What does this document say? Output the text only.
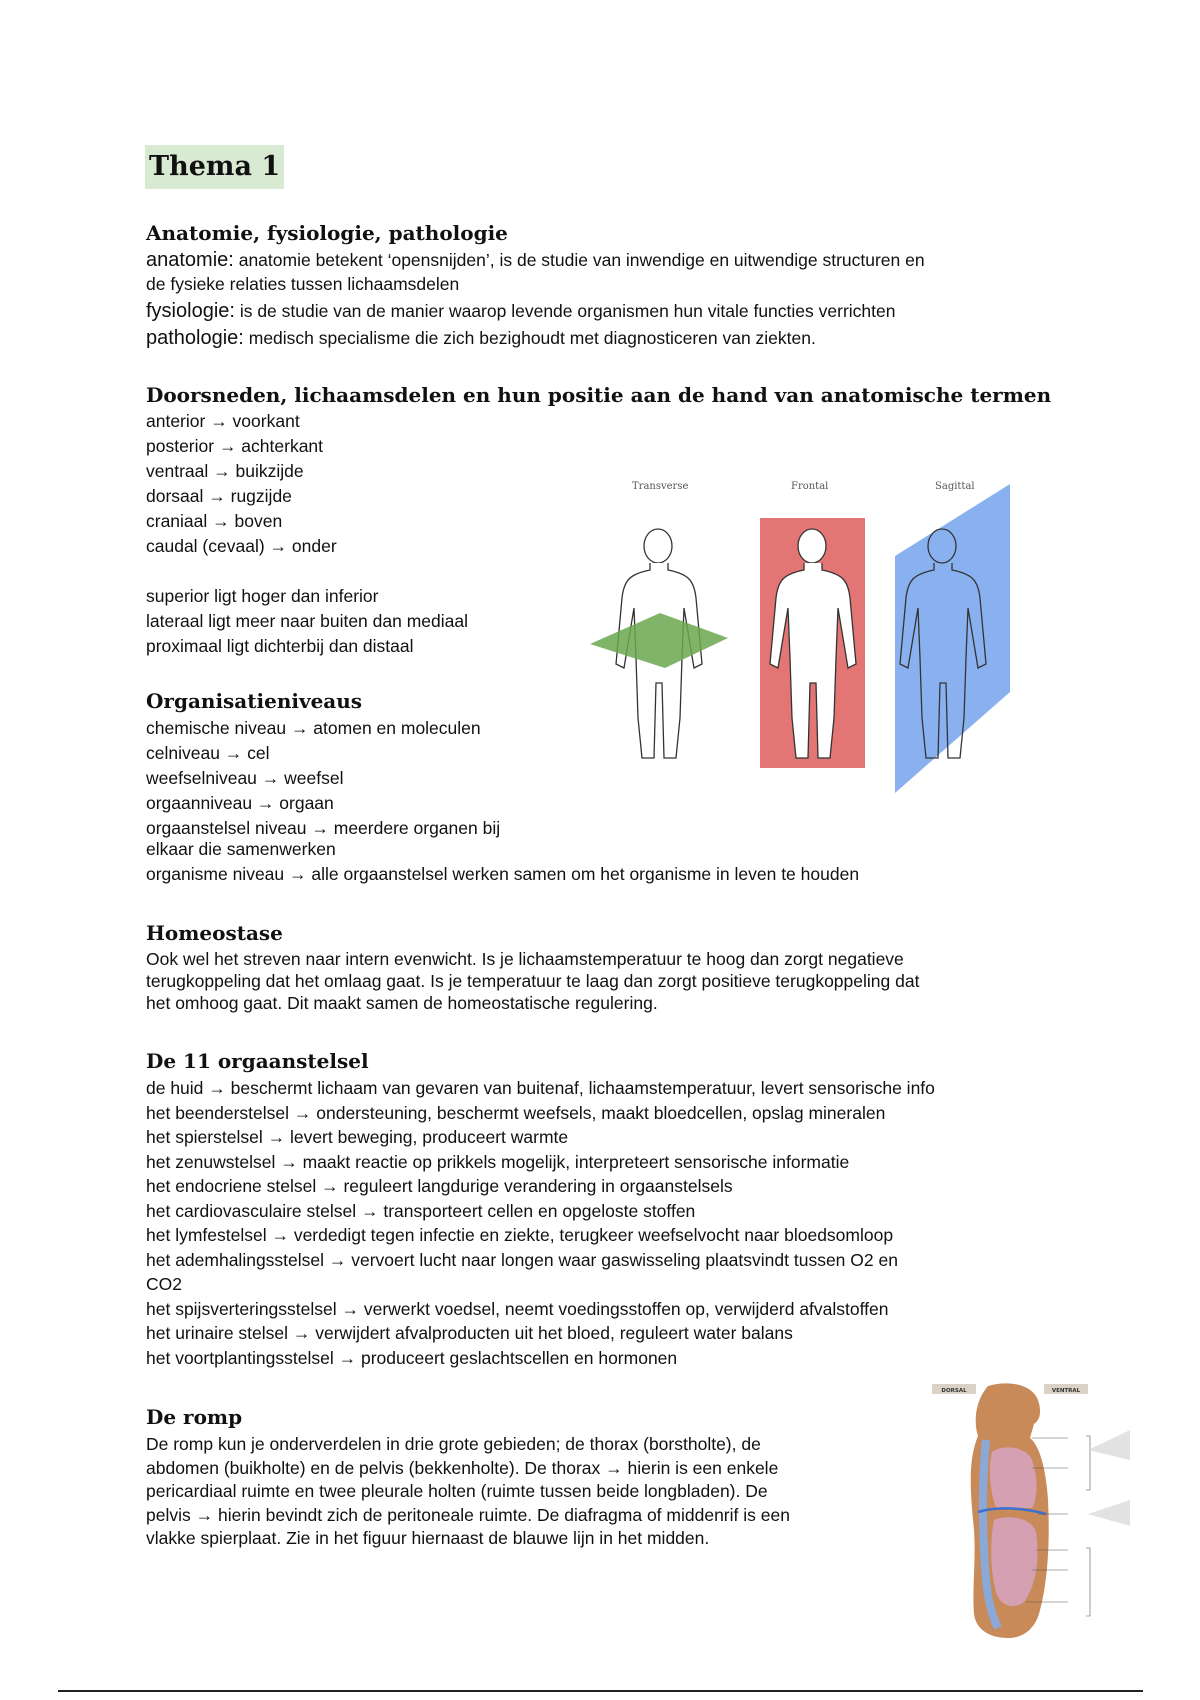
Thema 1
Anatomie, fysiologie, pathologie
anatomie: anatomie betekent ‘opensnijden’, is de studie van inwendige en uitwendige structuren en
de fysieke relaties tussen lichaamsdelen
fysiologie: is de studie van de manier waarop levende organismen hun vitale functies verrichten
pathologie: medisch specialisme die zich bezighoudt met diagnosticeren van ziekten.
Doorsneden, lichaamsdelen en hun positie aan de hand van anatomische termen
anterior → voorkant
posterior → achterkant
ventraal → buikzijde
dorsaal → rugzijde
craniaal → boven
caudal (cevaal) → onder
superior ligt hoger dan inferior
lateraal ligt meer naar buiten dan mediaal
proximaal ligt dichterbij dan distaal
Transverse	Frontal	Sagittal
Organisatieniveaus
chemische niveau → atomen en moleculen
celniveau → cel
weefselniveau → weefsel
orgaanniveau → orgaan
orgaanstelsel niveau → meerdere organen bij
elkaar die samenwerken
organisme niveau → alle orgaanstelsel werken samen om het organisme in leven te houden
Homeostase
Ook wel het streven naar intern evenwicht. Is je lichaamstemperatuur te hoog dan zorgt negatieve
terugkoppeling dat het omlaag gaat. Is je temperatuur te laag dan zorgt positieve terugkoppeling dat
het omhoog gaat. Dit maakt samen de homeostatische regulering.
De 11 orgaanstelsel
de huid → beschermt lichaam van gevaren van buitenaf, lichaamstemperatuur, levert sensorische info
het beenderstelsel → ondersteuning, beschermt weefsels, maakt bloedcellen, opslag mineralen
het spierstelsel → levert beweging, produceert warmte
het zenuwstelsel → maakt reactie op prikkels mogelijk, interpreteert sensorische informatie
het endocriene stelsel → reguleert langdurige verandering in orgaanstelsels
het cardiovasculaire stelsel → transporteert cellen en opgeloste stoffen
het lymfestelsel → verdedigt tegen infectie en ziekte, terugkeer weefselvocht naar bloedsomloop
het ademhalingsstelsel → vervoert lucht naar longen waar gaswisseling plaatsvindt tussen O2 en
CO2
het spijsverteringsstelsel → verwerkt voedsel, neemt voedingsstoffen op, verwijderd afvalstoffen
het urinaire stelsel → verwijdert afvalproducten uit het bloed, reguleert water balans
het voortplantingsstelsel → produceert geslachtscellen en hormonen
De romp
De romp kun je onderverdelen in drie grote gebieden; de thorax (borstholte), de
abdomen (buikholte) en de pelvis (bekkenholte). De thorax → hierin is een enkele
pericardiaal ruimte en twee pleurale holten (ruimte tussen beide longbladen). De
pelvis → hierin bevindt zich de peritoneale ruimte. De diafragma of middenrif is een
vlakke spierplaat. Zie in het figuur hiernaast de blauwe lijn in het midden.
DORSAL	VENTRAL
